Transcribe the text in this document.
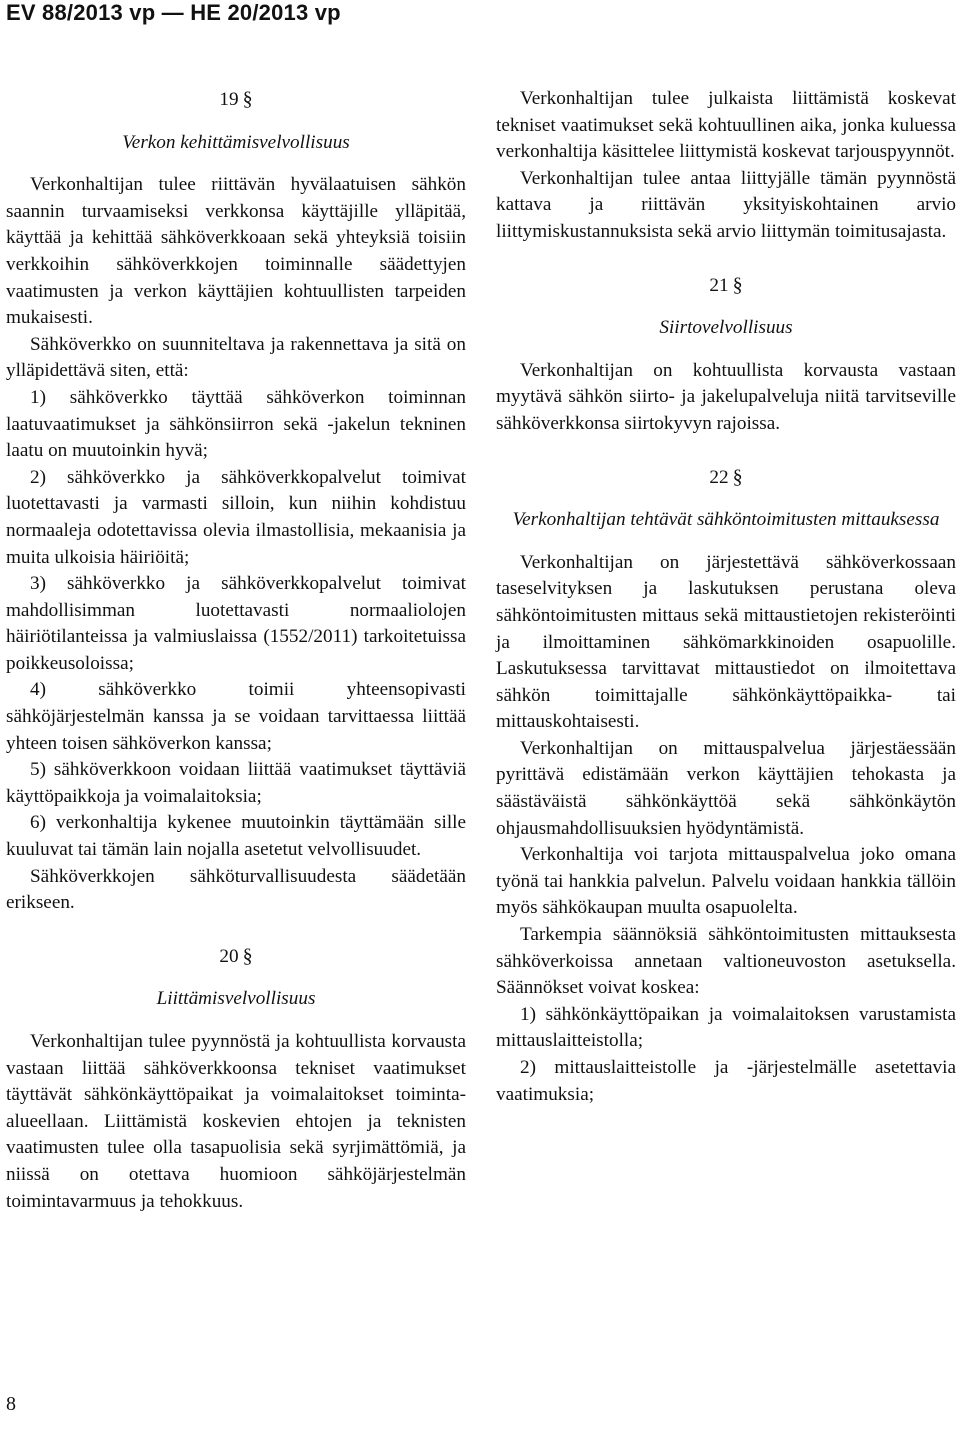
EV 88/2013 vp — HE 20/2013 vp
19 §
Verkon kehittämisvelvollisuus

Verkonhaltijan tulee riittävän hyvälaatuisen sähkön saannin turvaamiseksi verkkonsa käyttäjille ylläpitää, käyttää ja kehittää sähköverkkoaan sekä yhteyksiä toisiin verkkoihin sähköverkkojen toiminnalle säädettyjen vaatimusten ja verkon käyttäjien kohtuullisten tarpeiden mukaisesti.

Sähköverkko on suunniteltava ja rakennettava ja sitä on ylläpidettävä siten, että:

1) sähköverkko täyttää sähköverkon toiminnan laatuvaatimukset ja sähkönsiirron sekä -jakelun tekninen laatu on muutoinkin hyvä;

2) sähköverkko ja sähköverkkopalvelut toimivat luotettavasti ja varmasti silloin, kun niihin kohdistuu normaaleja odotettavissa olevia ilmastollisia, mekaanisia ja muita ulkoisia häiriöitä;

3) sähköverkko ja sähköverkkopalvelut toimivat mahdollisimman luotettavasti normaaliolojen häiriötilanteissa ja valmiuslaissa (1552/2011) tarkoitetuissa poikkeusoloissa;

4) sähköverkko toimii yhteensopivasti sähköjärjestelmän kanssa ja se voidaan tarvittaessa liittää yhteen toisen sähköverkon kanssa;

5) sähköverkkoon voidaan liittää vaatimukset täyttäviä käyttöpaikkoja ja voimalaitoksia;

6) verkonhaltija kykenee muutoinkin täyttämään sille kuuluvat tai tämän lain nojalla asetetut velvollisuudet.

Sähköverkkojen sähköturvallisuudesta säädetään erikseen.

20 §
Liittämisvelvollisuus

Verkonhaltijan tulee pyynnöstä ja kohtuullista korvausta vastaan liittää sähköverkkoonsa tekniset vaatimukset täyttävät sähkönkäyttöpaikat ja voimalaitokset toiminta-alueellaan. Liittämistä koskevien ehtojen ja teknisten vaatimusten tulee olla tasapuolisia sekä syrjimättömiä, ja niissä on otettava huomioon sähköjärjestelmän toimintavarmuus ja tehokkuus.

Verkonhaltijan tulee julkaista liittämistä koskevat tekniset vaatimukset sekä kohtuullinen aika, jonka kuluessa verkonhaltija käsittelee liittymistä koskevat tarjouspyynnöt.

Verkonhaltijan tulee antaa liittyjälle tämän pyynnöstä kattava ja riittävän yksityiskohtainen arvio liittymiskustannuksista sekä arvio liittymän toimitusajasta.

21 §
Siirtovelvollisuus

Verkonhaltijan on kohtuullista korvausta vastaan myytävä sähkön siirto- ja jakelupalveluja niitä tarvitseville sähköverkkonsa siirtokyvyn rajoissa.

22 §
Verkonhaltijan tehtävät sähköntoimitusten mittauksessa

Verkonhaltijan on järjestettävä sähköverkossaan taseselvityksen ja laskutuksen perustana oleva sähköntoimitusten mittaus sekä mittaustietojen rekisteröinti ja ilmoittaminen sähkömarkkinoiden osapuolille. Laskutuksessa tarvittavat mittaustiedot on ilmoitettava sähkön toimittajalle sähkönkäyttöpaikka- tai mittauskohtaisesti.

Verkonhaltijan on mittauspalvelua järjestäessään pyrittävä edistämään verkon käyttäjien tehokasta ja säästäväistä sähkönkäyttöä sekä sähkönkäytön ohjausmahdollisuuksien hyödyntämistä.

Verkonhaltija voi tarjota mittauspalvelua joko omana työnä tai hankkia palvelun. Palvelu voidaan hankkia tällöin myös sähkökaupan muulta osapuolelta.

Tarkempia säännöksiä sähköntoimitusten mittauksesta sähköverkoissa annetaan valtioneuvoston asetuksella. Säännökset voivat koskea:

1) sähkönkäyttöpaikan ja voimalaitoksen varustamista mittauslaitteistolla;

2) mittauslaitteistolle ja -järjestelmälle asetettavia vaatimuksia;

8
